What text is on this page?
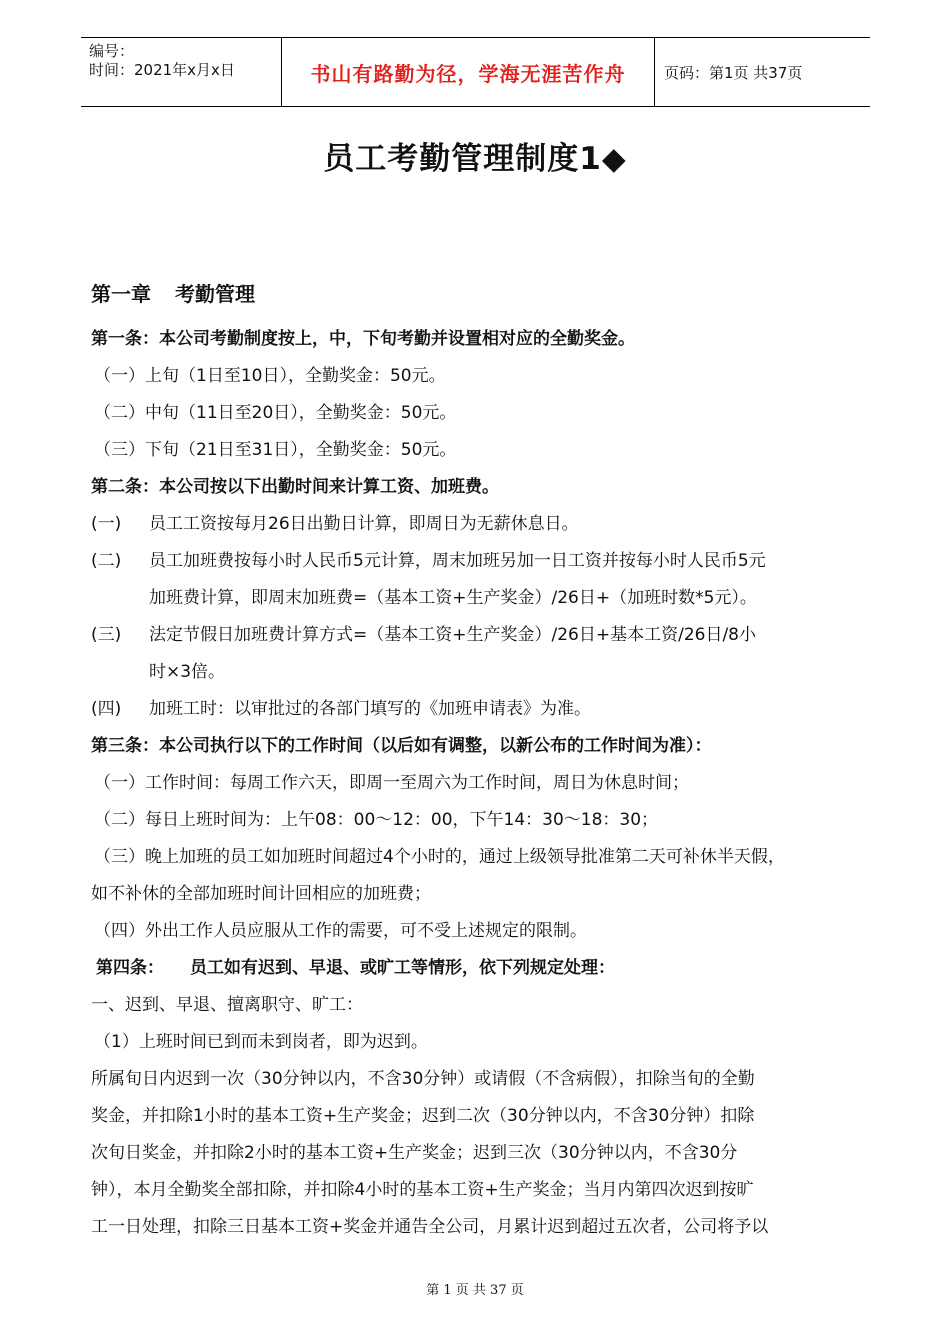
编号：
时间：2021年x月x日	书山有路勤为径，学海无涯苦作舟	页码：第1页 共37页
员工考勤管理制度1◆
第一章 考勤管理
第一条：本公司考勤制度按上，中，下旬考勤并设置相对应的全勤奖金。
（一）上旬（1日至10日），全勤奖金：50元。
（二）中旬（11日至20日），全勤奖金：50元。
（三）下旬（21日至31日），全勤奖金：50元。
第二条：本公司按以下出勤时间来计算工资、加班费。
(一) 员工工资按每月26日出勤日计算，即周日为无薪休息日。
(二) 员工加班费按每小时人民币5元计算，周末加班另加一日工资并按每小时人民币5元
加班费计算，即周末加班费=（基本工资+生产奖金）/26日+（加班时数*5元）。
(三) 法定节假日加班费计算方式=（基本工资+生产奖金）/26日+基本工资/26日/8小
时×3倍。
(四) 加班工时：以审批过的各部门填写的《加班申请表》为准。
第三条：本公司执行以下的工作时间（以后如有调整，以新公布的工作时间为准）：
（一）工作时间：每周工作六天，即周一至周六为工作时间，周日为休息时间；
（二）每日上班时间为：上午08：00～12：00，下午14：30～18：30；
（三）晚上加班的员工如加班时间超过4个小时的，通过上级领导批准第二天可补休半天假，
如不补休的全部加班时间计回相应的加班费；
（四）外出工作人员应服从工作的需要，可不受上述规定的限制。
第四条： 员工如有迟到、早退、或旷工等情形，依下列规定处理：
一、迟到、早退、擅离职守、旷工：
（1）上班时间已到而未到岗者，即为迟到。
所属旬日内迟到一次（30分钟以内，不含30分钟）或请假（不含病假），扣除当旬的全勤
奖金，并扣除1小时的基本工资+生产奖金；迟到二次（30分钟以内，不含30分钟）扣除
次旬日奖金，并扣除2小时的基本工资+生产奖金；迟到三次（30分钟以内，不含30分
钟），本月全勤奖全部扣除，并扣除4小时的基本工资+生产奖金；当月内第四次迟到按旷
工一日处理，扣除三日基本工资+奖金并通告全公司，月累计迟到超过五次者，公司将予以
第 1 页 共 37 页
